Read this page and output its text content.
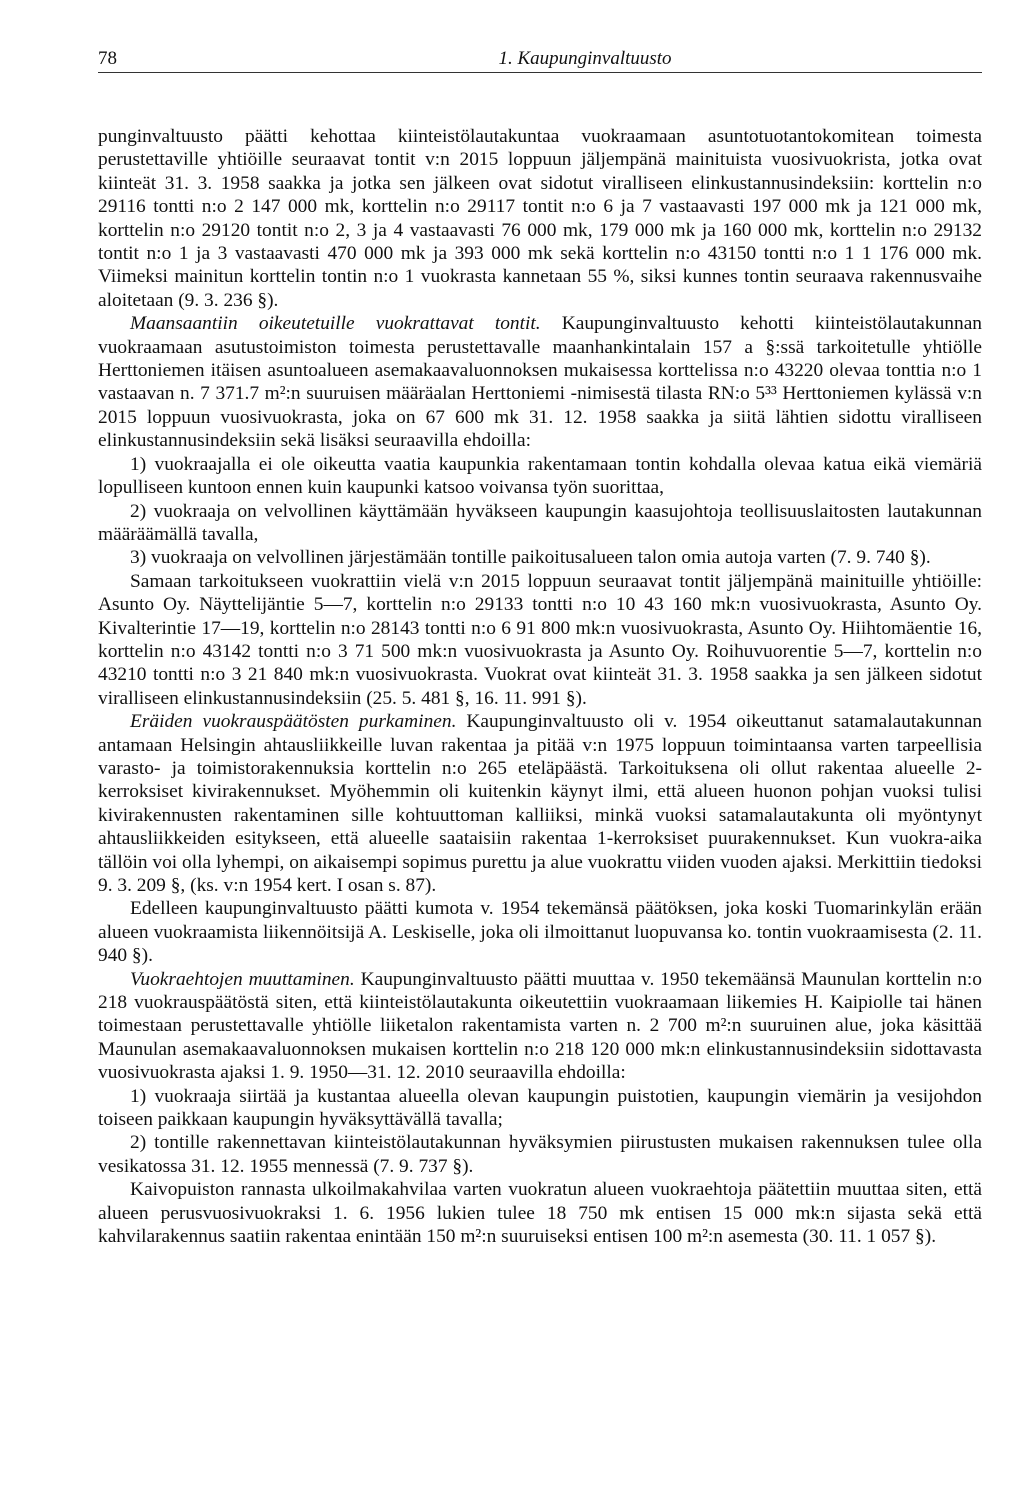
78	1. Kaupunginvaltuusto

punginvaltuusto päätti kehottaa kiinteistölautakuntaa vuokraamaan asuntotuotantokomitean toimesta perustettaville yhtiöille seuraavat tontit v:n 2015 loppuun jäljempänä mainituista vuosivuokrista, jotka ovat kiinteät 31. 3. 1958 saakka ja jotka sen jälkeen ovat sidotut viralliseen elinkustannusindeksiin: korttelin n:o 29116 tontti n:o 2 147 000 mk, korttelin n:o 29117 tontit n:o 6 ja 7 vastaavasti 197 000 mk ja 121 000 mk, korttelin n:o 29120 tontit n:o 2, 3 ja 4 vastaavasti 76 000 mk, 179 000 mk ja 160 000 mk, korttelin n:o 29132 tontit n:o 1 ja 3 vastaavasti 470 000 mk ja 393 000 mk sekä korttelin n:o 43150 tontti n:o 1 1 176 000 mk. Viimeksi mainitun korttelin tontin n:o 1 vuokrasta kannetaan 55 %, siksi kunnes tontin seuraava rakennusvaihe aloitetaan (9. 3. 236 §).

Maansaantiin oikeutetuille vuokrattavat tontit. Kaupunginvaltuusto kehotti kiinteistölautakunnan vuokraamaan asutustoimiston toimesta perustettavalle maanhankintalain 157 a §:ssä tarkoitetulle yhtiölle Herttoniemen itäisen asuntoalueen asemakaavaluonnoksen mukaisessa korttelissa n:o 43220 olevaa tonttia n:o 1 vastaavan n. 7 371.7 m²:n suuruisen määräalan Herttoniemi -nimisestä tilasta RN:o 5³³ Herttoniemen kylässä v:n 2015 loppuun vuosivuokrasta, joka on 67 600 mk 31. 12. 1958 saakka ja siitä lähtien sidottu viralliseen elinkustannusindeksiin sekä lisäksi seuraavilla ehdoilla:

1) vuokraajalla ei ole oikeutta vaatia kaupunkia rakentamaan tontin kohdalla olevaa katua eikä viemäriä lopulliseen kuntoon ennen kuin kaupunki katsoo voivansa työn suorittaa,

2) vuokraaja on velvollinen käyttämään hyväkseen kaupungin kaasujohtoja teollisuuslaitosten lautakunnan määräämällä tavalla,

3) vuokraaja on velvollinen järjestämään tontille paikoitusalueen talon omia autoja varten (7. 9. 740 §).

Samaan tarkoitukseen vuokrattiin vielä v:n 2015 loppuun seuraavat tontit jäljempänä mainituille yhtiöille: Asunto Oy. Näyttelijäntie 5—7, korttelin n:o 29133 tontti n:o 10 43 160 mk:n vuosivuokrasta, Asunto Oy. Kivalterintie 17—19, korttelin n:o 28143 tontti n:o 6 91 800 mk:n vuosivuokrasta, Asunto Oy. Hiihtomäentie 16, korttelin n:o 43142 tontti n:o 3 71 500 mk:n vuosivuokrasta ja Asunto Oy. Roihuvuorentie 5—7, korttelin n:o 43210 tontti n:o 3 21 840 mk:n vuosivuokrasta. Vuokrat ovat kiinteät 31. 3. 1958 saakka ja sen jälkeen sidotut viralliseen elinkustannusindeksiin (25. 5. 481 §, 16. 11. 991 §).

Eräiden vuokrauspäätösten purkaminen. Kaupunginvaltuusto oli v. 1954 oikeuttanut satamalautakunnan antamaan Helsingin ahtausliikkeille luvan rakentaa ja pitää v:n 1975 loppuun toimintaansa varten tarpeellisia varasto- ja toimistorakennuksia korttelin n:o 265 eteläpäästä. Tarkoituksena oli ollut rakentaa alueelle 2-kerroksiset kivirakennukset. Myöhemmin oli kuitenkin käynyt ilmi, että alueen huonon pohjan vuoksi tulisi kivirakennusten rakentaminen sille kohtuuttoman kalliiksi, minkä vuoksi satamalautakunta oli myöntynyt ahtausliikkeiden esitykseen, että alueelle saataisiin rakentaa 1-kerroksiset puurakennukset. Kun vuokra-aika tällöin voi olla lyhempi, on aikaisempi sopimus purettu ja alue vuokrattu viiden vuoden ajaksi. Merkittiin tiedoksi 9. 3. 209 §, (ks. v:n 1954 kert. I osan s. 87).

Edelleen kaupunginvaltuusto päätti kumota v. 1954 tekemänsä päätöksen, joka koski Tuomarinkylän erään alueen vuokraamista liikennöitsijä A. Leskiselle, joka oli ilmoittanut luopuvansa ko. tontin vuokraamisesta (2. 11. 940 §).

Vuokraehtojen muuttaminen. Kaupunginvaltuusto päätti muuttaa v. 1950 tekemäänsä Maunulan korttelin n:o 218 vuokrauspäätöstä siten, että kiinteistölautakunta oikeutettiin vuokraamaan liikemies H. Kaipiolle tai hänen toimestaan perustettavalle yhtiölle liiketalon rakentamista varten n. 2 700 m²:n suuruinen alue, joka käsittää Maunulan asemakaavaluonnoksen mukaisen korttelin n:o 218 120 000 mk:n elinkustannusindeksiin sidottavasta vuosivuokrasta ajaksi 1. 9. 1950—31. 12. 2010 seuraavilla ehdoilla:

1) vuokraaja siirtää ja kustantaa alueella olevan kaupungin puistotien, kaupungin viemärin ja vesijohdon toiseen paikkaan kaupungin hyväksyttävällä tavalla;

2) tontille rakennettavan kiinteistölautakunnan hyväksymien piirustusten mukaisen rakennuksen tulee olla vesikatossa 31. 12. 1955 mennessä (7. 9. 737 §).

Kaivopuiston rannasta ulkoilmakahvilaa varten vuokratun alueen vuokraehtoja päätettiin muuttaa siten, että alueen perusvuosivuokraksi 1. 6. 1956 lukien tulee 18 750 mk entisen 15 000 mk:n sijasta sekä että kahvilarakennus saatiin rakentaa enintään 150 m²:n suuruiseksi entisen 100 m²:n asemesta (30. 11. 1 057 §).
